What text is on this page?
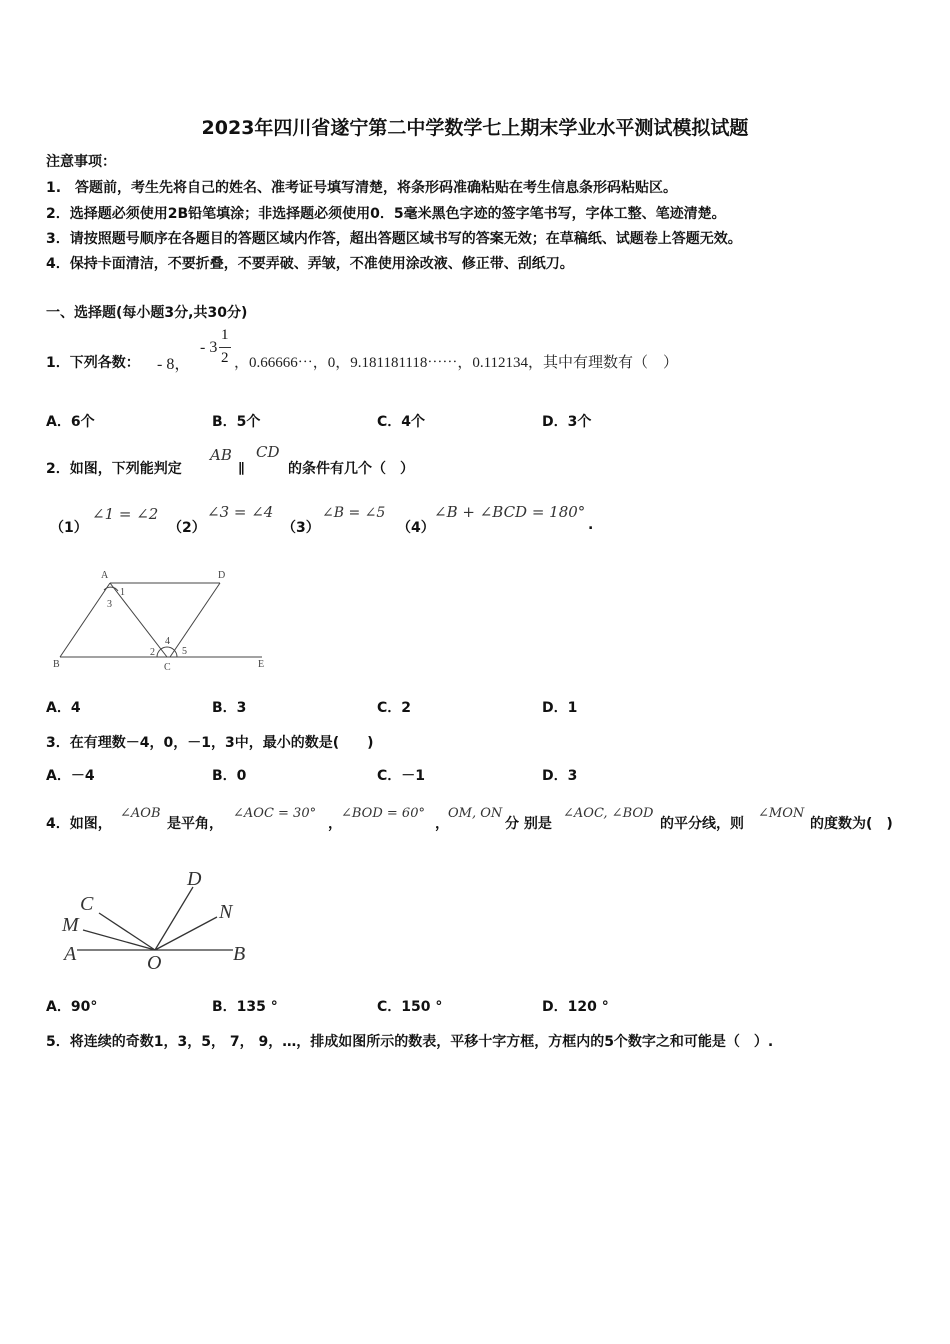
2023年四川省遂宁第二中学数学七上期末学业水平测试模拟试题
注意事项：
1.　答题前，考生先将自己的姓名、准考证号填写清楚，将条形码准确粘贴在考生信息条形码粘贴区。
2．选择题必须使用2B铅笔填涂；非选择题必须使用0．5毫米黑色字迹的签字笔书写，字体工整、笔迹清楚。
3．请按照题号顺序在各题目的答题区域内作答，超出答题区域书写的答案无效；在草稿纸、试题卷上答题无效。
4．保持卡面清洁，不要折叠，不要弄破、弄皱，不准使用涂改液、修正带、刮纸刀。
一、选择题(每小题3分,共30分)
1．下列各数： - 8，
- 3
1
2 ，0.66666⋯，0，9.181181118⋯⋯，0.112134，其中有理数有（　）
A．6个	B．5个	C．4个	D．3个
2．如图，下列能判定
AB
∥
CD
的条件有几个（　）
（1）
∠1 = ∠2
（2）
∠3 = ∠4
（3）
∠B = ∠5
（4）
∠B + ∠BCD = 180°
.
A	D
B	C	E
1
2
3
4
5
A．4	B．3	C．2	D．1
3．在有理数－4，0，－1，3中，最小的数是(　　)
A．－4	B．0	C．－1	D．3
4．如图，
∠AOB
是平角，
∠AOC = 30°
，
∠BOD = 60°
，
OM, ON
分 别是
∠AOC, ∠BOD
的平分线，则
∠MON
的度数为(　)
C
M
A	O
D
N
B
A．90°	B．135 °	C．150 °	D．120 °
5．将连续的奇数1，3，5， 7， 9，…，排成如图所示的数表，平移十字方框，方框内的5个数字之和可能是（　）.
